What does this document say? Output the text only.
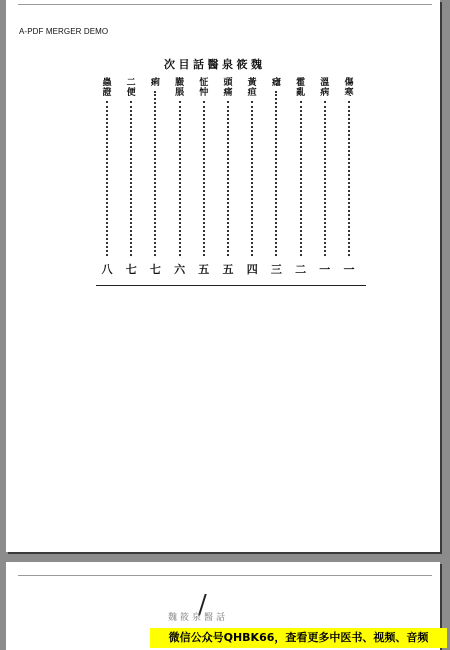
A-PDF MERGER DEMO
魏筱泉醫話目次
傷寒
一
溫病
一
霍亂
二
瘧
三
黃疸
四
頭痛
五
怔忡
五
臌脹
六
痢
七
二便
七
蟲證
八
/
魏筱泉醫話
微信公众号QHBK66，查看更多中医书、视频、音频
